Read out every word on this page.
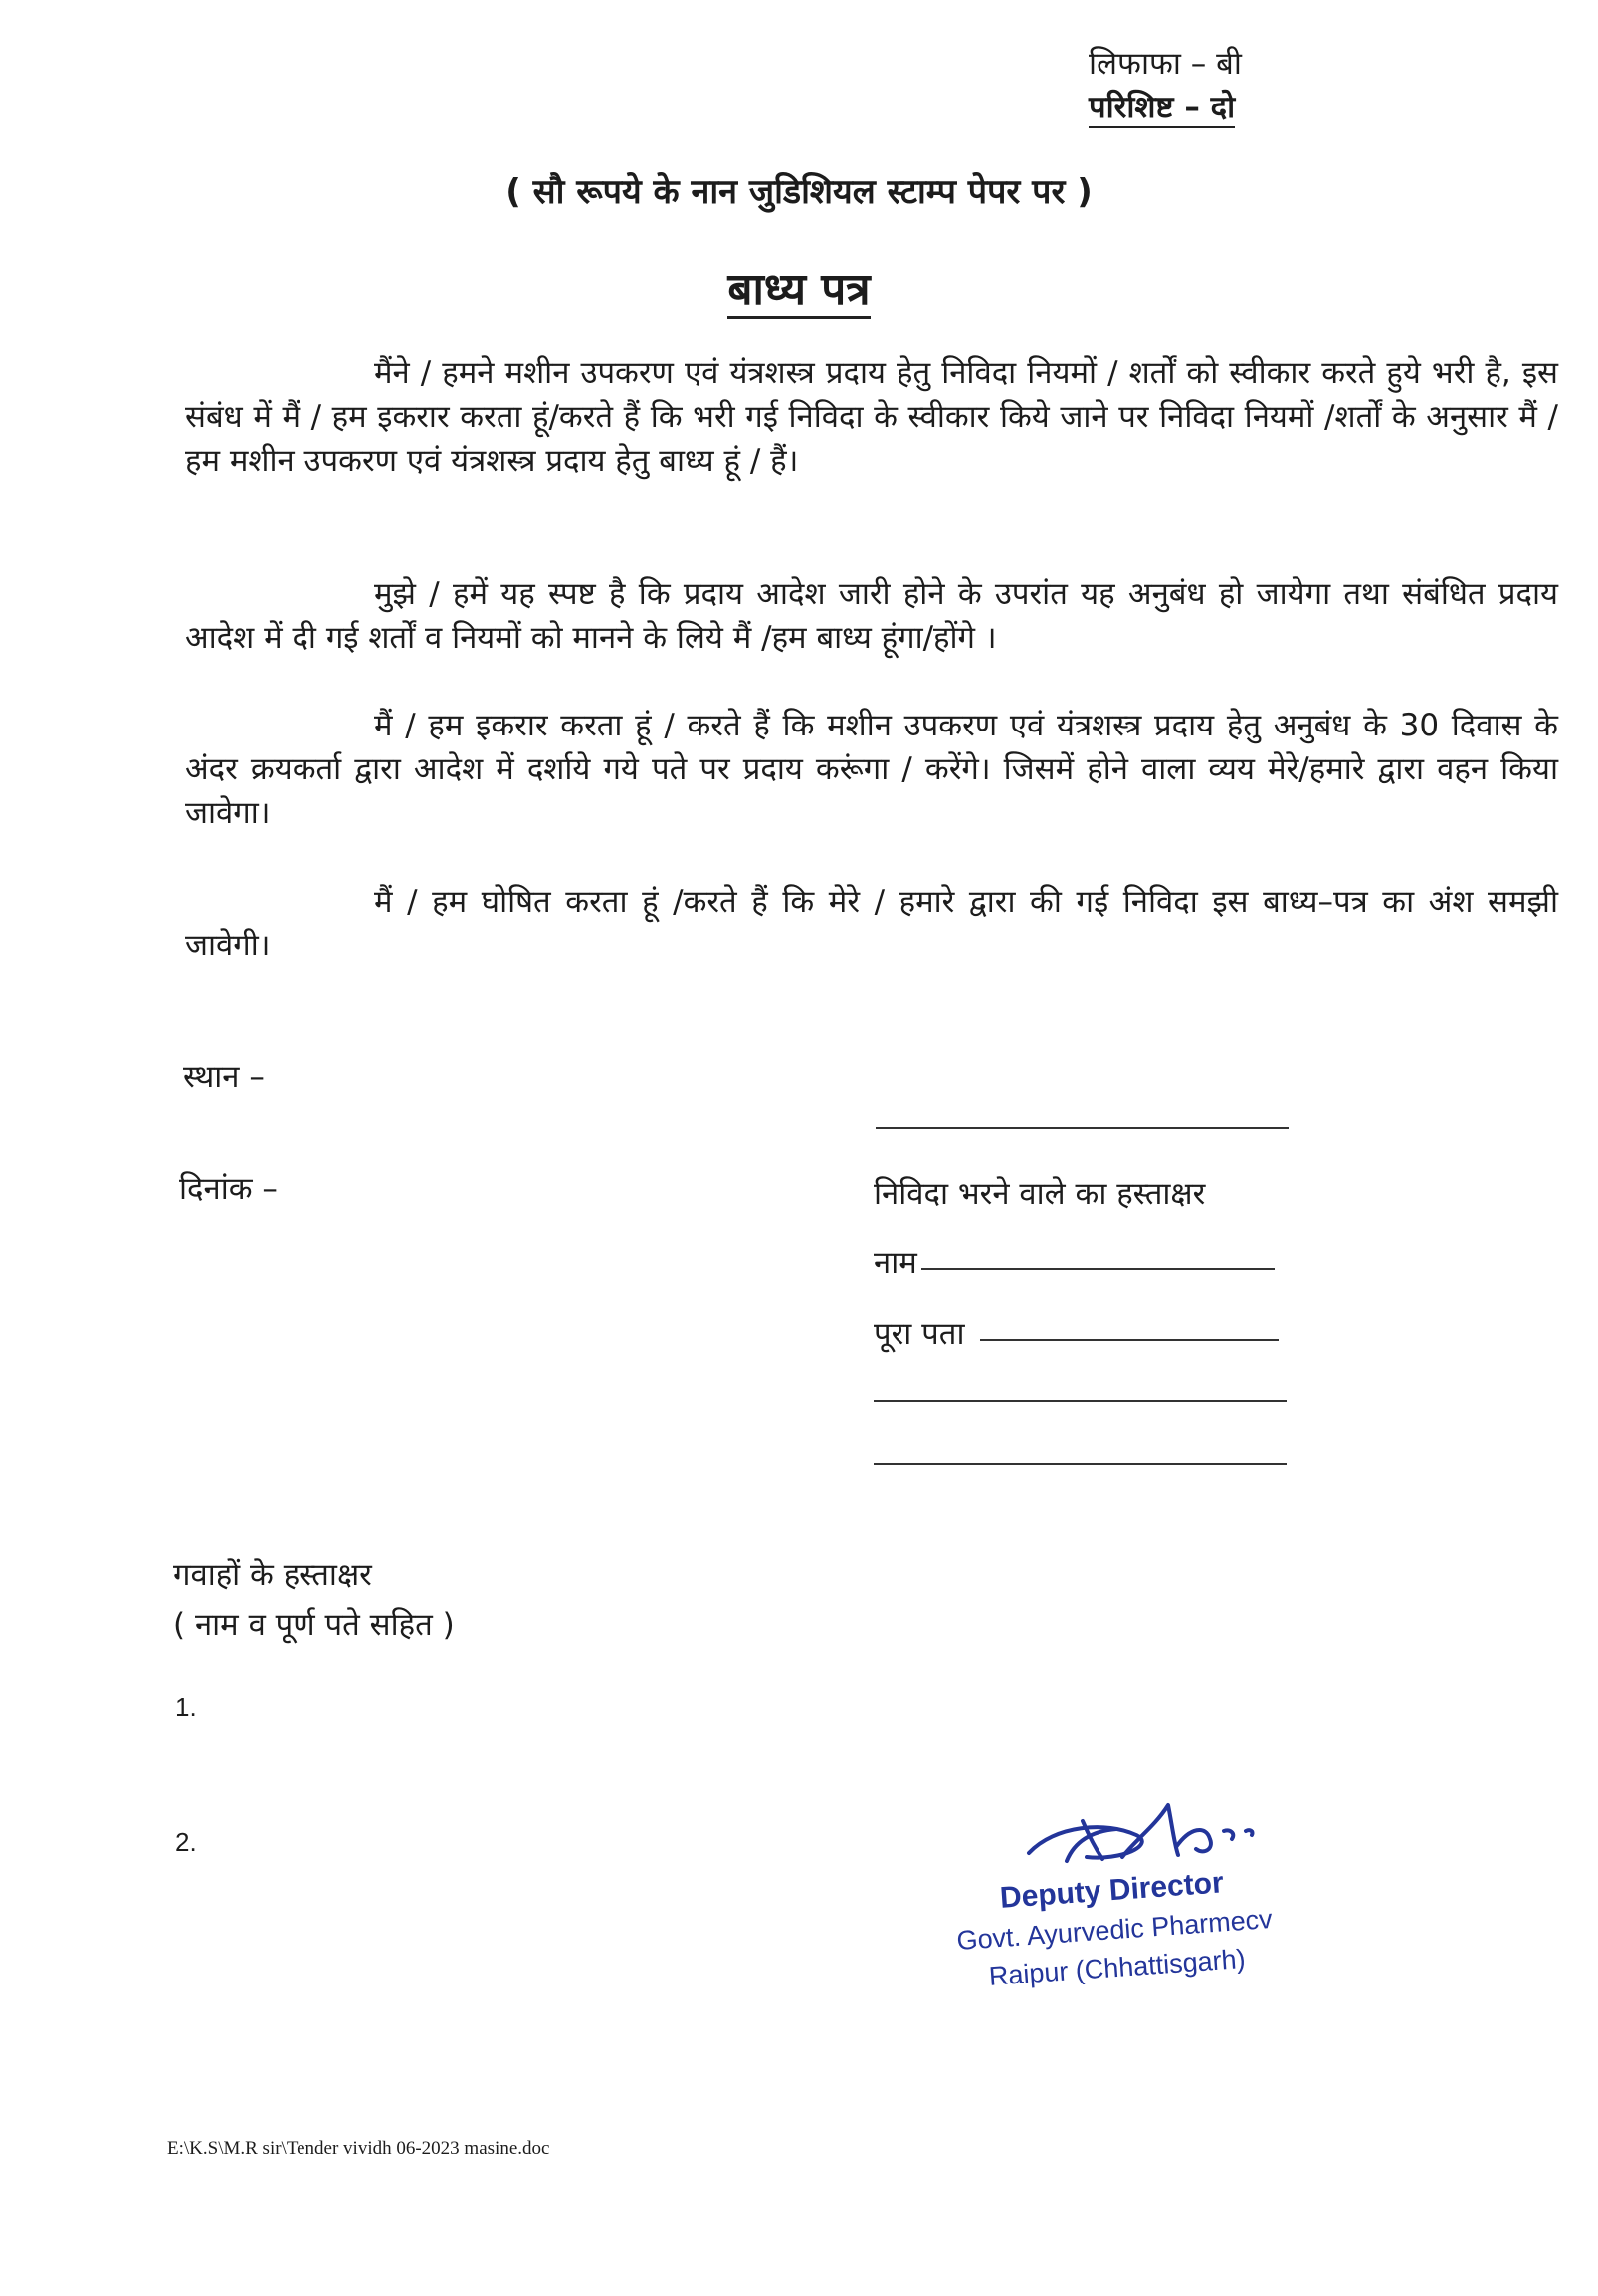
लिफाफा – बी
परिशिष्ट – दो
( सौ रूपये के नान जुडिशियल स्टाम्प पेपर पर )
बाध्य पत्र

मैंने / हमने मशीन उपकरण एवं यंत्रशस्त्र प्रदाय हेतु निविदा नियमों / शर्तों को स्वीकार करते हुये भरी है, इस संबंध में मैं / हम इकरार करता हूं/करते हैं कि भरी गई निविदा के स्वीकार किये जाने पर निविदा नियमों /शर्तों के अनुसार मैं / हम मशीन उपकरण एवं यंत्रशस्त्र प्रदाय हेतु बाध्य हूं / हैं।

मुझे / हमें यह स्पष्ट है कि प्रदाय आदेश जारी होने के उपरांत यह अनुबंध हो जायेगा तथा संबंधित प्रदाय आदेश में दी गई शर्तों व नियमों को मानने के लिये मैं /हम बाध्य हूंगा/होंगे ।

मैं / हम इकरार करता हूं / करते हैं कि मशीन उपकरण एवं यंत्रशस्त्र प्रदाय हेतु अनुबंध के 30 दिवास के अंदर क्रयकर्ता द्वारा आदेश में दर्शाये गये पते पर प्रदाय करूंगा / करेंगे। जिसमें होने वाला व्यय मेरे/हमारे द्वारा वहन किया जावेगा।

मैं / हम घोषित करता हूं /करते हैं कि मेरे / हमारे द्वारा की गई निविदा इस बाध्य–पत्र का अंश समझी जावेगी।

स्थान –
दिनांक –	निविदा भरने वाले का हस्ताक्षर
नाम
पूरा पता
गवाहों के हस्ताक्षर
( नाम व पूर्ण पते सहित )
1.
2.
Deputy Director
Govt. Ayurvedic Pharmecv
Raipur (Chhattisgarh)
E:\K.S\M.R sir\Tender vividh 06-2023 masine.doc
